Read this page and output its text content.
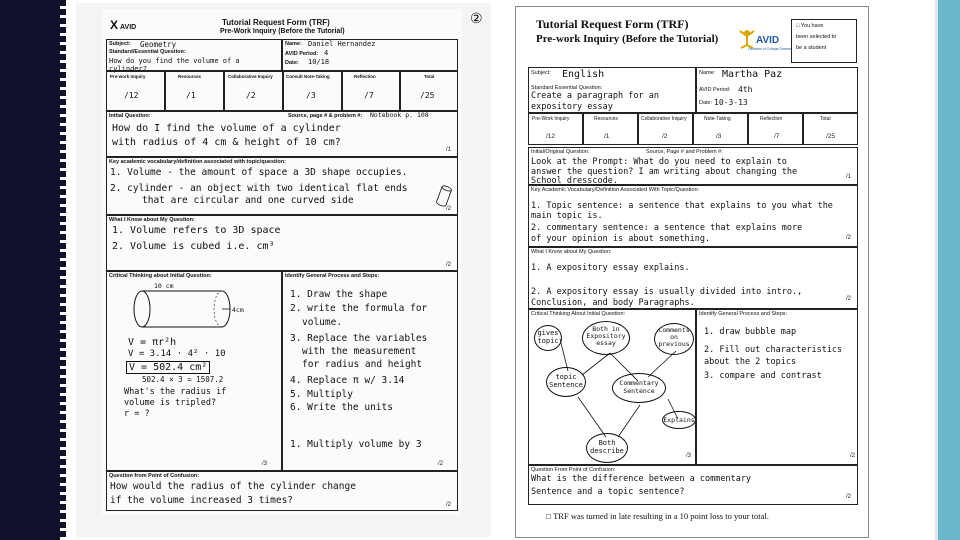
X AVID
Tutorial Request Form (TRF)
Pre-Work Inquiry (Before the Tutorial)
②
Subject: Geometry
Standard/Essential Question:
How do you find the volume of a cylinder?
Name: Daniel Hernandez
AVID Period: 4
Date: 10/18
Pre-work Inquiry	Resources	Collaborative Inquiry	Consult Note-Taking	Reflection	Total
/12	/1	/2	/3	/7	/25
Initial Question:	Source, page # & problem #: Notebook p. 108
How do I find the volume of a cylinder
with radius of 4 cm & height of 10 cm?
/1
Key academic vocabulary/definition associated with topic/question:
1. Volume - the amount of space a 3D shape occupies.
2. cylinder - an object with two identical flat ends
that are circular and one curved side
/2
What I Know about My Question:
1. Volume refers to 3D space
2. Volume is cubed i.e. cm³
/2
Critical Thinking about Initial Question:
10 cm
4cm
V = πr²h
V = 3.14 · 4² · 10
V = 502.4 cm²
502.4 × 3 = 1507.2
What's the radius if
volume is tripled?
r = ?
/3
Identify General Process and Steps:
1. Draw the shape
2. write the formula for
volume.
3. Replace the variables
with the measurement
for radius and height
4. Replace π w/ 3.14
5. Multiply
6. Write the units
1. Multiply volume by 3
/2
Question from Point of Confusion:
How would the radius of the cylinder change
if the volume increased 3 times?	/2
Tutorial Request Form (TRF)
Pre-work Inquiry (Before the Tutorial)	AVID
Decades of College Dreams
□ You have
been selected to
be a student
Subject: English
Standard Essential Question:
Create a paragraph for an
expository essay
Name: Martha Paz
AVID Period: 4th
Date: 10-3-13
Pre-Work Inquiry	Resources	Collaborative Inquiry	Note-Taking	Reflection	Total
/12	/1	/2	/3	/7	/25
Initial/Original Question:	Source, Page # and Problem #:
Look at the Prompt: What do you need to explain to
answer the question? I am writing about changing the
School dresscode.	/1
Key Academic Vocabulary/Definition Associated With Topic/Question:
1. Topic sentence: a sentence that explains to you what the
main topic is.
2. commentary sentence: a sentence that explains more
of your opinion is about something.	/2
What I Know about My Question:
1. A expository essay explains.
2. A expository essay is usually divided into intro.,
Conclusion, and body Paragraphs.	/2
Critical Thinking About Initial Question:
gives topic
Both in Expository essay
Comments on previous
topic Sentence	Commentary Sentence
Explains
Both describe
/3
Identify General Process and Steps:
1. draw bubble map
2. Fill out characteristics
about the 2 topics
3. compare and contrast
/2
Question From Point of Confusion:
What is the difference between a commentary
Sentence and a topic sentence?	/2
□ TRF was turned in late resulting in a 10 point loss to your total.
